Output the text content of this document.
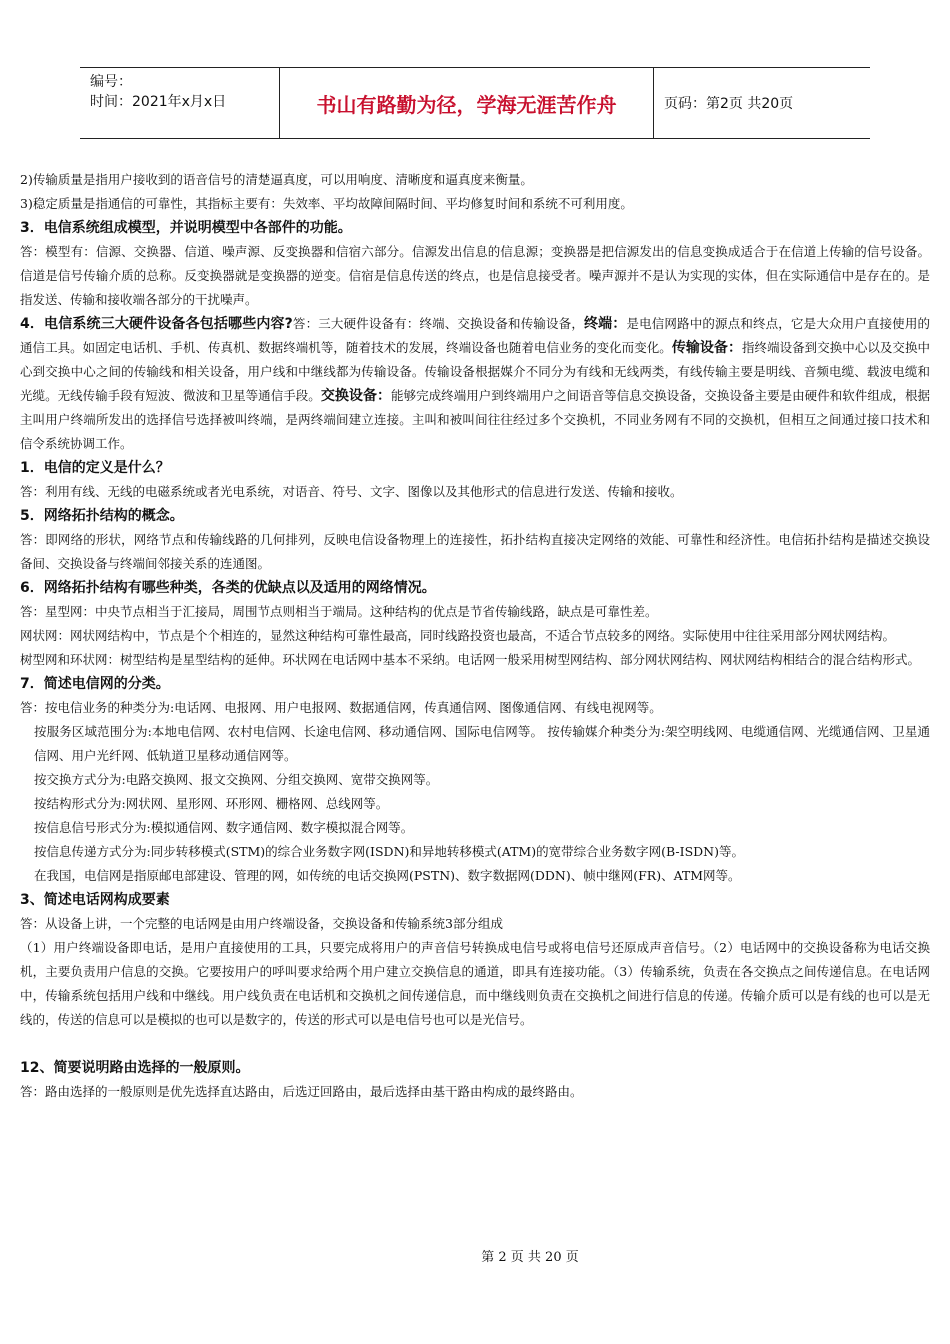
编号：
时间：2021年x月x日	书山有路勤为径，学海无涯苦作舟	页码：第2页 共20页

2)传输质量是指用户接收到的语音信号的清楚逼真度，可以用响度、清晰度和逼真度来衡量。

3)稳定质量是指通信的可靠性，其指标主要有：失效率、平均故障间隔时间、平均修复时间和系统不可利用度。

3．电信系统组成模型，并说明模型中各部件的功能。

答：模型有：信源、交换器、信道、噪声源、反变换器和信宿六部分。信源发出信息的信息源；变换器是把信源发出的信息变换成适合于在信道上传输的信号设备。信道是信号传输介质的总称。反变换器就是变换器的逆变。信宿是信息传送的终点，也是信息接受者。噪声源并不是认为实现的实体，但在实际通信中是存在的。是指发送、传输和接收端各部分的干扰噪声。

4．电信系统三大硬件设备各包括哪些内容?答：三大硬件设备有：终端、交换设备和传输设备，终端：是电信网路中的源点和终点，它是大众用户直接使用的通信工具。如固定电话机、手机、传真机、数据终端机等，随着技术的发展，终端设备也随着电信业务的变化而变化。传输设备：指终端设备到交换中心以及交换中心到交换中心之间的传输线和相关设备，用户线和中继线都为传输设备。传输设备根据媒介不同分为有线和无线两类，有线传输主要是明线、音频电缆、载波电缆和光缆。无线传输手段有短波、微波和卫星等通信手段。交换设备：能够完成终端用户到终端用户之间语音等信息交换设备，交换设备主要是由硬件和软件组成，根据主叫用户终端所发出的选择信号选择被叫终端，是两终端间建立连接。主叫和被叫间往往经过多个交换机，不同业务网有不同的交换机，但相互之间通过接口技术和信令系统协调工作。

1．电信的定义是什么？

答：利用有线、无线的电磁系统或者光电系统，对语音、符号、文字、图像以及其他形式的信息进行发送、传输和接收。

5．网络拓扑结构的概念。

答：即网络的形状，网络节点和传输线路的几何排列，反映电信设备物理上的连接性，拓扑结构直接决定网络的效能、可靠性和经济性。电信拓扑结构是描述交换设备间、交换设备与终端间邻接关系的连通图。

6．网络拓扑结构有哪些种类，各类的优缺点以及适用的网络情况。

答：星型网：中央节点相当于汇接局，周围节点则相当于端局。这种结构的优点是节省传输线路，缺点是可靠性差。

网状网：网状网结构中，节点是个个相连的，显然这种结构可靠性最高，同时线路投资也最高，不适合节点较多的网络。实际使用中往往采用部分网状网结构。

树型网和环状网：树型结构是星型结构的延伸。环状网在电话网中基本不采纳。电话网一般采用树型网结构、部分网状网结构、网状网结构相结合的混合结构形式。

7．简述电信网的分类。

答：按电信业务的种类分为:电话网、电报网、用户电报网、数据通信网，传真通信网、图像通信网、有线电视网等。

按服务区域范围分为:本地电信网、农村电信网、长途电信网、移动通信网、国际电信网等。 按传输媒介种类分为:架空明线网、电缆通信网、光缆通信网、卫星通信网、用户光纤网、低轨道卫星移动通信网等。

按交换方式分为:电路交换网、报文交换网、分组交换网、宽带交换网等。

按结构形式分为:网状网、星形网、环形网、栅格网、总线网等。

按信息信号形式分为:模拟通信网、数字通信网、数字模拟混合网等。

按信息传递方式分为:同步转移模式(STM)的综合业务数字网(ISDN)和异地转移模式(ATM)的宽带综合业务数字网(B-ISDN)等。

在我国，电信网是指原邮电部建设、管理的网，如传统的电话交换网(PSTN)、数字数据网(DDN)、帧中继网(FR)、ATM网等。

3、简述电话网构成要素

答：从设备上讲，一个完整的电话网是由用户终端设备，交换设备和传输系统3部分组成

（1）用户终端设备即电话，是用户直接使用的工具，只要完成将用户的声音信号转换成电信号或将电信号还原成声音信号。（2）电话网中的交换设备称为电话交换机，主要负责用户信息的交换。它要按用户的呼叫要求给两个用户建立交换信息的通道，即具有连接功能。（3）传输系统，负责在各交换点之间传递信息。在电话网中，传输系统包括用户线和中继线。用户线负责在电话机和交换机之间传递信息，而中继线则负责在交换机之间进行信息的传递。传输介质可以是有线的也可以是无线的，传送的信息可以是模拟的也可以是数字的，传送的形式可以是电信号也可以是光信号。

12、简要说明路由选择的一般原则。

答：路由选择的一般原则是优先选择直达路由，后选迂回路由，最后选择由基干路由构成的最终路由。

第 2 页 共 20 页
